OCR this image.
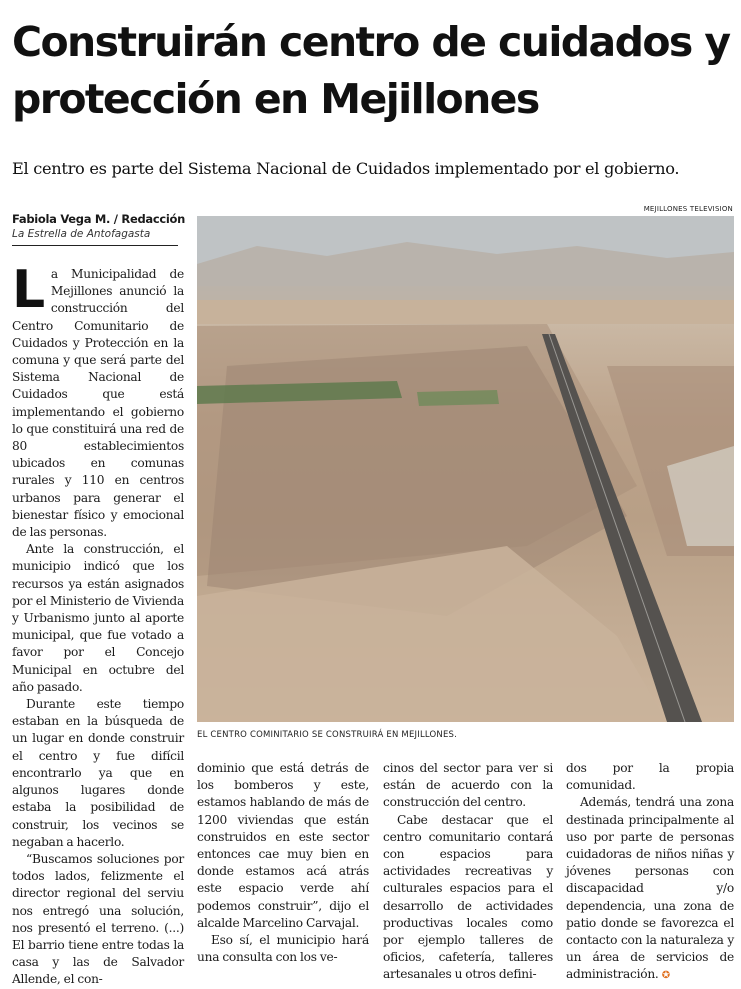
Construirán centro de cuidados y protección en Mejillones

El centro es parte del Sistema Nacional de Cuidados implementado por el gobierno.

Fabiola Vega M. / Redacción
La Estrella de Antofagasta
MEJILLONES TELEVISION
EL CENTRO COMINITARIO SE CONSTRUIRÁ EN MEJILLONES.

La Municipalidad de Mejillones anunció la construcción del Centro Comunitario de Cuidados y Protección en la comuna y que será parte del Sistema Nacional de Cuidados que está implementando el gobierno lo que constituirá una red de 80 establecimientos ubicados en comunas rurales y 110 en centros urbanos para generar el bienestar físico y emocional de las personas.

Ante la construcción, el municipio indicó que los recursos ya están asignados por el Ministerio de Vivienda y Urbanismo junto al aporte municipal, que fue votado a favor por el Concejo Municipal en octubre del año pasado.

Durante este tiempo estaban en la búsqueda de un lugar en donde construir el centro y fue difícil encontrarlo ya que en algunos lugares donde estaba la posibilidad de construir, los vecinos se negaban a hacerlo.

“Buscamos soluciones por todos lados, felizmente el director regional del serviu nos entregó una solución, nos presentó el terreno. (...) El barrio tiene entre todas la casa y las de Salvador Allende, el con-

dominio que está detrás de los bomberos y este, estamos hablando de más de 1200 viviendas que están construidos en este sector entonces cae muy bien en donde estamos acá atrás este espacio verde ahí podemos construir”, dijo el alcalde Marcelino Carvajal.

Eso sí, el municipio hará una consulta con los ve-

cinos del sector para ver si están de acuerdo con la construcción del centro.

Cabe destacar que el centro comunitario contará con espacios para actividades recreativas y culturales espacios para el desarrollo de actividades productivas locales como por ejemplo talleres de oficios, cafetería, talleres artesanales u otros defini-

dos por la propia comunidad.

Además, tendrá una zona destinada principalmente al uso por parte de personas cuidadoras de niños niñas y jóvenes personas con discapacidad y/o dependencia, una zona de patio donde se favorezca el contacto con la naturaleza y un área de servicios de administración. ✪
